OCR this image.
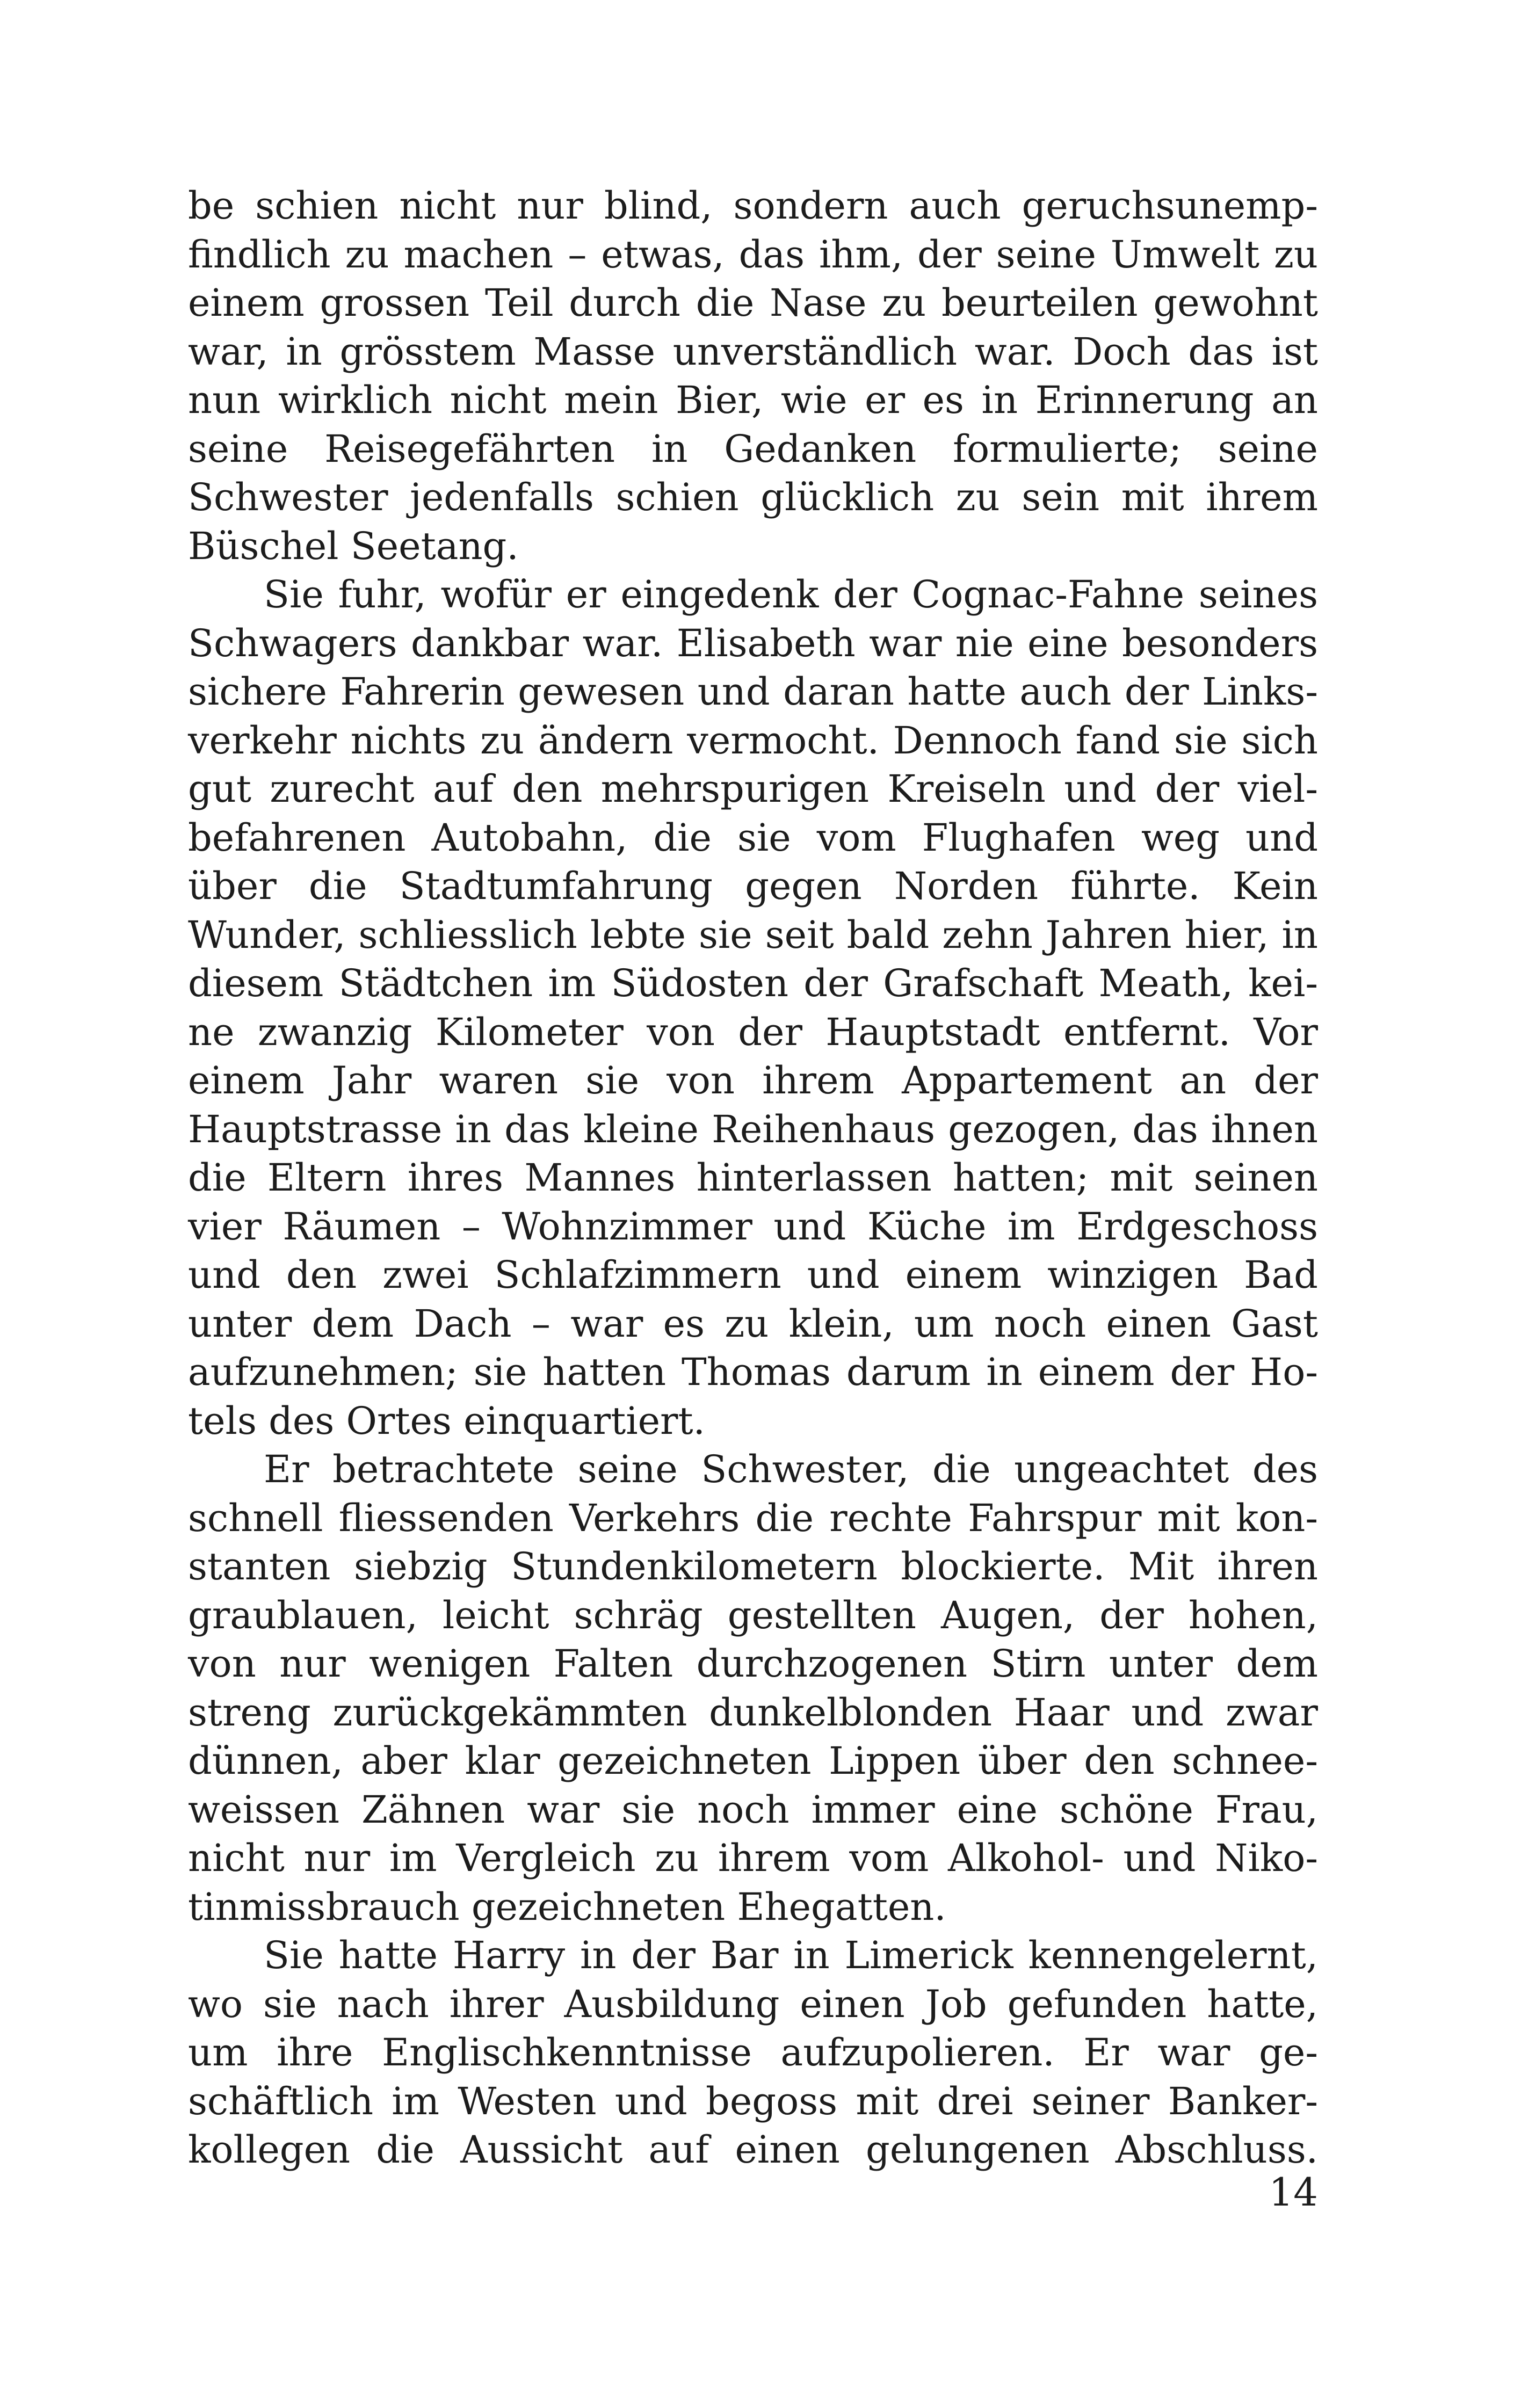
be schien nicht nur blind, sondern auch geruchsunemp-
findlich zu machen – etwas, das ihm, der seine Umwelt zu
einem grossen Teil durch die Nase zu beurteilen gewohnt
war, in grösstem Masse unverständlich war. Doch das ist
nun wirklich nicht mein Bier, wie er es in Erinnerung an
seine Reisegefährten in Gedanken formulierte; seine
Schwester jedenfalls schien glücklich zu sein mit ihrem
Büschel Seetang.
Sie fuhr, wofür er eingedenk der Cognac-Fahne seines
Schwagers dankbar war. Elisabeth war nie eine besonders
sichere Fahrerin gewesen und daran hatte auch der Links-
verkehr nichts zu ändern vermocht. Dennoch fand sie sich
gut zurecht auf den mehrspurigen Kreiseln und der viel-
befahrenen Autobahn, die sie vom Flughafen weg und
über die Stadtumfahrung gegen Norden führte. Kein
Wunder, schliesslich lebte sie seit bald zehn Jahren hier, in
diesem Städtchen im Südosten der Grafschaft Meath, kei-
ne zwanzig Kilometer von der Hauptstadt entfernt. Vor
einem Jahr waren sie von ihrem Appartement an der
Hauptstrasse in das kleine Reihenhaus gezogen, das ihnen
die Eltern ihres Mannes hinterlassen hatten; mit seinen
vier Räumen – Wohnzimmer und Küche im Erdgeschoss
und den zwei Schlafzimmern und einem winzigen Bad
unter dem Dach – war es zu klein, um noch einen Gast
aufzunehmen; sie hatten Thomas darum in einem der Ho-
tels des Ortes einquartiert.
Er betrachtete seine Schwester, die ungeachtet des
schnell fliessenden Verkehrs die rechte Fahrspur mit kon-
stanten siebzig Stundenkilometern blockierte. Mit ihren
graublauen, leicht schräg gestellten Augen, der hohen,
von nur wenigen Falten durchzogenen Stirn unter dem
streng zurückgekämmten dunkelblonden Haar und zwar
dünnen, aber klar gezeichneten Lippen über den schnee-
weissen Zähnen war sie noch immer eine schöne Frau,
nicht nur im Vergleich zu ihrem vom Alkohol- und Niko-
tinmissbrauch gezeichneten Ehegatten.
Sie hatte Harry in der Bar in Limerick kennengelernt,
wo sie nach ihrer Ausbildung einen Job gefunden hatte,
um ihre Englischkenntnisse aufzupolieren. Er war ge-
schäftlich im Westen und begoss mit drei seiner Banker-
kollegen die Aussicht auf einen gelungenen Abschluss.
14
